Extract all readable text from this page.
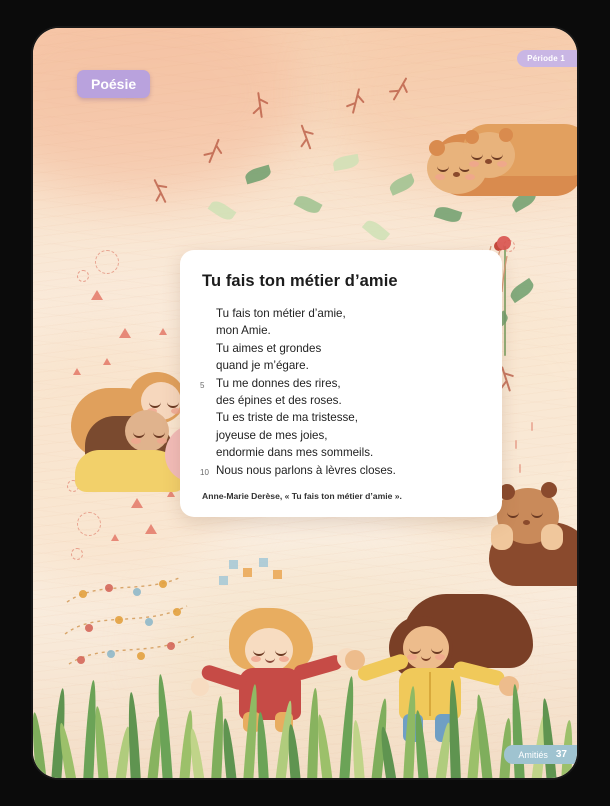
Période 1
Poésie
Amitiés 37
Tu fais ton métier d’amie
Tu fais ton métier d’amie,
mon Amie.
Tu aimes et grondes
quand je m’égare.
5 Tu me donnes des rires,
des épines et des roses.
Tu es triste de ma tristesse,
joyeuse de mes joies,
endormie dans mes sommeils.
10 Nous nous parlons à lèvres closes.

Anne-Marie Derèse, « Tu fais ton métier d’amie ».
